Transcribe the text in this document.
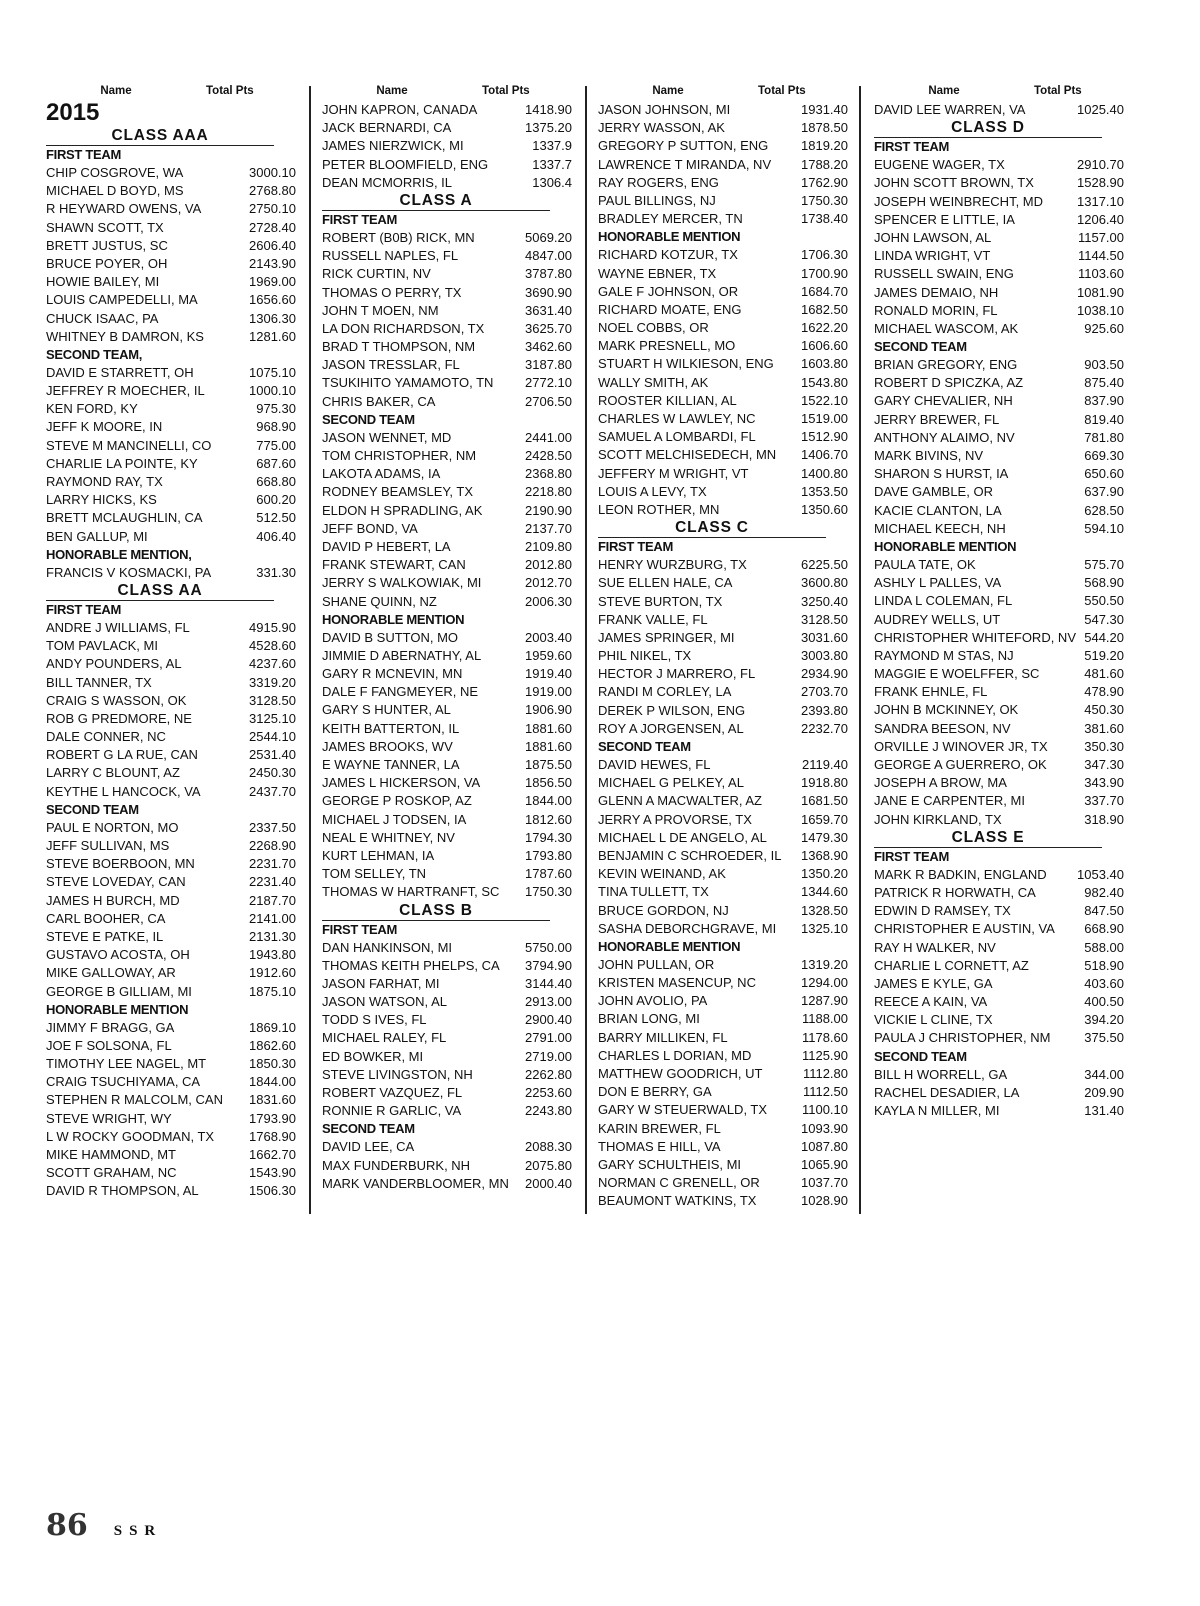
Name	Total Pts
2015
CLASS AAA
FIRST TEAM
CHIP COSGROVE, WA	3000.10
MICHAEL D BOYD, MS	2768.80
R HEYWARD OWENS, VA	2750.10
SHAWN SCOTT, TX	2728.40
BRETT JUSTUS, SC	2606.40
BRUCE POYER, OH	2143.90
HOWIE BAILEY, MI	1969.00
LOUIS CAMPEDELLI, MA	1656.60
CHUCK ISAAC, PA	1306.30
WHITNEY B DAMRON, KS	1281.60
SECOND TEAM,
DAVID E STARRETT, OH	1075.10
JEFFREY R MOECHER, IL	1000.10
KEN FORD, KY	975.30
JEFF K MOORE, IN	968.90
STEVE M MANCINELLI, CO	775.00
CHARLIE LA POINTE, KY	687.60
RAYMOND RAY, TX	668.80
LARRY HICKS, KS	600.20
BRETT MCLAUGHLIN, CA	512.50
BEN GALLUP, MI	406.40
HONORABLE MENTION,
FRANCIS V KOSMACKI, PA	331.30
CLASS AA
FIRST TEAM
ANDRE J WILLIAMS, FL	4915.90
TOM PAVLACK, MI	4528.60
ANDY POUNDERS, AL	4237.60
BILL TANNER, TX	3319.20
CRAIG S WASSON, OK	3128.50
ROB G PREDMORE, NE	3125.10
DALE CONNER, NC	2544.10
ROBERT G LA RUE, CAN	2531.40
LARRY C BLOUNT, AZ	2450.30
KEYTHE L HANCOCK, VA	2437.70
SECOND TEAM
PAUL E NORTON, MO	2337.50
JEFF SULLIVAN, MS	2268.90
STEVE BOERBOON, MN	2231.70
STEVE LOVEDAY, CAN	2231.40
JAMES H BURCH, MD	2187.70
CARL BOOHER, CA	2141.00
STEVE E PATKE, IL	2131.30
GUSTAVO ACOSTA, OH	1943.80
MIKE GALLOWAY, AR	1912.60
GEORGE B GILLIAM, MI	1875.10
HONORABLE MENTION
JIMMY F BRAGG, GA	1869.10
JOE F SOLSONA, FL	1862.60
TIMOTHY LEE NAGEL, MT	1850.30
CRAIG TSUCHIYAMA, CA	1844.00
STEPHEN R MALCOLM, CAN	1831.60
STEVE WRIGHT, WY	1793.90
L W ROCKY GOODMAN, TX	1768.90
MIKE HAMMOND, MT	1662.70
SCOTT GRAHAM, NC	1543.90
DAVID R THOMPSON, AL	1506.30
Name	Total Pts
JOHN KAPRON, CANADA	1418.90
JACK BERNARDI, CA	1375.20
JAMES NIERZWICK, MI	1337.9
PETER BLOOMFIELD, ENG	1337.7
DEAN MCMORRIS, IL	1306.4
CLASS A
FIRST TEAM
ROBERT (B0B) RICK, MN	5069.20
RUSSELL NAPLES, FL	4847.00
RICK CURTIN, NV	3787.80
THOMAS O PERRY, TX	3690.90
JOHN T MOEN, NM	3631.40
LA DON RICHARDSON, TX	3625.70
BRAD T THOMPSON, NM	3462.60
JASON TRESSLAR, FL	3187.80
TSUKIHITO YAMAMOTO, TN	2772.10
CHRIS BAKER, CA	2706.50
SECOND TEAM
JASON WENNET, MD	2441.00
TOM CHRISTOPHER, NM	2428.50
LAKOTA ADAMS, IA	2368.80
RODNEY BEAMSLEY, TX	2218.80
ELDON H SPRADLING, AK	2190.90
JEFF BOND, VA	2137.70
DAVID P HEBERT, LA	2109.80
FRANK STEWART, CAN	2012.80
JERRY S WALKOWIAK, MI	2012.70
SHANE QUINN, NZ	2006.30
HONORABLE MENTION
DAVID B SUTTON, MO	2003.40
JIMMIE D ABERNATHY, AL	1959.60
GARY R MCNEVIN, MN	1919.40
DALE F FANGMEYER, NE	1919.00
GARY S HUNTER, AL	1906.90
KEITH BATTERTON, IL	1881.60
JAMES BROOKS, WV	1881.60
E WAYNE TANNER, LA	1875.50
JAMES L HICKERSON, VA	1856.50
GEORGE P ROSKOP, AZ	1844.00
MICHAEL J TODSEN, IA	1812.60
NEAL E WHITNEY, NV	1794.30
KURT LEHMAN, IA	1793.80
TOM SELLEY, TN	1787.60
THOMAS W HARTRANFT, SC	1750.30
CLASS B
FIRST TEAM
DAN HANKINSON, MI	5750.00
THOMAS KEITH PHELPS, CA	3794.90
JASON FARHAT, MI	3144.40
JASON WATSON, AL	2913.00
TODD S IVES, FL	2900.40
MICHAEL RALEY, FL	2791.00
ED BOWKER, MI	2719.00
STEVE LIVINGSTON, NH	2262.80
ROBERT VAZQUEZ, FL	2253.60
RONNIE R GARLIC, VA	2243.80
SECOND TEAM
DAVID LEE, CA	2088.30
MAX FUNDERBURK, NH	2075.80
MARK VANDERBLOOMER, MN	2000.40
Name	Total Pts
JASON JOHNSON, MI	1931.40
JERRY WASSON, AK	1878.50
GREGORY P SUTTON, ENG	1819.20
LAWRENCE T MIRANDA, NV	1788.20
RAY ROGERS, ENG	1762.90
PAUL BILLINGS, NJ	1750.30
BRADLEY MERCER, TN	1738.40
HONORABLE MENTION
RICHARD KOTZUR, TX	1706.30
WAYNE EBNER, TX	1700.90
GALE F JOHNSON, OR	1684.70
RICHARD MOATE, ENG	1682.50
NOEL COBBS, OR	1622.20
MARK PRESNELL, MO	1606.60
STUART H WILKIESON, ENG	1603.80
WALLY SMITH, AK	1543.80
ROOSTER KILLIAN, AL	1522.10
CHARLES W LAWLEY, NC	1519.00
SAMUEL A LOMBARDI, FL	1512.90
SCOTT MELCHISEDECH, MN	1406.70
JEFFERY M WRIGHT, VT	1400.80
LOUIS A LEVY, TX	1353.50
LEON ROTHER, MN	1350.60
CLASS C
FIRST TEAM
HENRY WURZBURG, TX	6225.50
SUE ELLEN HALE, CA	3600.80
STEVE BURTON, TX	3250.40
FRANK VALLE, FL	3128.50
JAMES SPRINGER, MI	3031.60
PHIL NIKEL, TX	3003.80
HECTOR J MARRERO, FL	2934.90
RANDI M CORLEY, LA	2703.70
DEREK P WILSON, ENG	2393.80
ROY A JORGENSEN, AL	2232.70
SECOND TEAM
DAVID HEWES, FL	2119.40
MICHAEL G PELKEY, AL	1918.80
GLENN A MACWALTER, AZ	1681.50
JERRY A PROVORSE, TX	1659.70
MICHAEL L DE ANGELO, AL	1479.30
BENJAMIN C SCHROEDER, IL	1368.90
KEVIN WEINAND, AK	1350.20
TINA TULLETT, TX	1344.60
BRUCE GORDON, NJ	1328.50
SASHA DEBORCHGRAVE, MI	1325.10
HONORABLE MENTION
JOHN PULLAN, OR	1319.20
KRISTEN MASENCUP, NC	1294.00
JOHN AVOLIO, PA	1287.90
BRIAN LONG, MI	1188.00
BARRY MILLIKEN, FL	1178.60
CHARLES L DORIAN, MD	1125.90
MATTHEW GOODRICH, UT	1112.80
DON E BERRY, GA	1112.50
GARY W STEUERWALD, TX	1100.10
KARIN BREWER, FL	1093.90
THOMAS E HILL, VA	1087.80
GARY SCHULTHEIS, MI	1065.90
NORMAN C GRENELL, OR	1037.70
BEAUMONT WATKINS, TX	1028.90
Name	Total Pts
DAVID LEE WARREN, VA	1025.40
CLASS D
FIRST TEAM
EUGENE WAGER, TX	2910.70
JOHN SCOTT BROWN, TX	1528.90
JOSEPH WEINBRECHT, MD	1317.10
SPENCER E LITTLE, IA	1206.40
JOHN LAWSON, AL	1157.00
LINDA WRIGHT, VT	1144.50
RUSSELL SWAIN, ENG	1103.60
JAMES DEMAIO, NH	1081.90
RONALD MORIN, FL	1038.10
MICHAEL WASCOM, AK	925.60
SECOND TEAM
BRIAN GREGORY, ENG	903.50
ROBERT D SPICZKA, AZ	875.40
GARY CHEVALIER, NH	837.90
JERRY BREWER, FL	819.40
ANTHONY ALAIMO, NV	781.80
MARK BIVINS, NV	669.30
SHARON S HURST, IA	650.60
DAVE GAMBLE, OR	637.90
KACIE CLANTON, LA	628.50
MICHAEL KEECH, NH	594.10
HONORABLE MENTION
PAULA TATE, OK	575.70
ASHLY L PALLES, VA	568.90
LINDA L COLEMAN, FL	550.50
AUDREY WELLS, UT	547.30
CHRISTOPHER WHITEFORD, NV 544.20
RAYMOND M STAS, NJ	519.20
MAGGIE E WOELFFER, SC	481.60
FRANK EHNLE, FL	478.90
JOHN B MCKINNEY, OK	450.30
SANDRA BEESON, NV	381.60
ORVILLE J WINOVER JR, TX	350.30
GEORGE A GUERRERO, OK	347.30
JOSEPH A BROW, MA	343.90
JANE E CARPENTER, MI	337.70
JOHN KIRKLAND, TX	318.90
CLASS E
FIRST TEAM
MARK R BADKIN, ENGLAND	1053.40
PATRICK R HORWATH, CA	982.40
EDWIN D RAMSEY, TX	847.50
CHRISTOPHER E AUSTIN, VA	668.90
RAY H WALKER, NV	588.00
CHARLIE L CORNETT, AZ	518.90
JAMES E KYLE, GA	403.60
REECE A KAIN, VA	400.50
VICKIE L CLINE, TX	394.20
PAULA J CHRISTOPHER, NM	375.50
SECOND TEAM
BILL H WORRELL, GA	344.00
RACHEL DESADIER, LA	209.90
KAYLA N MILLER, MI	131.40
86 SSR
